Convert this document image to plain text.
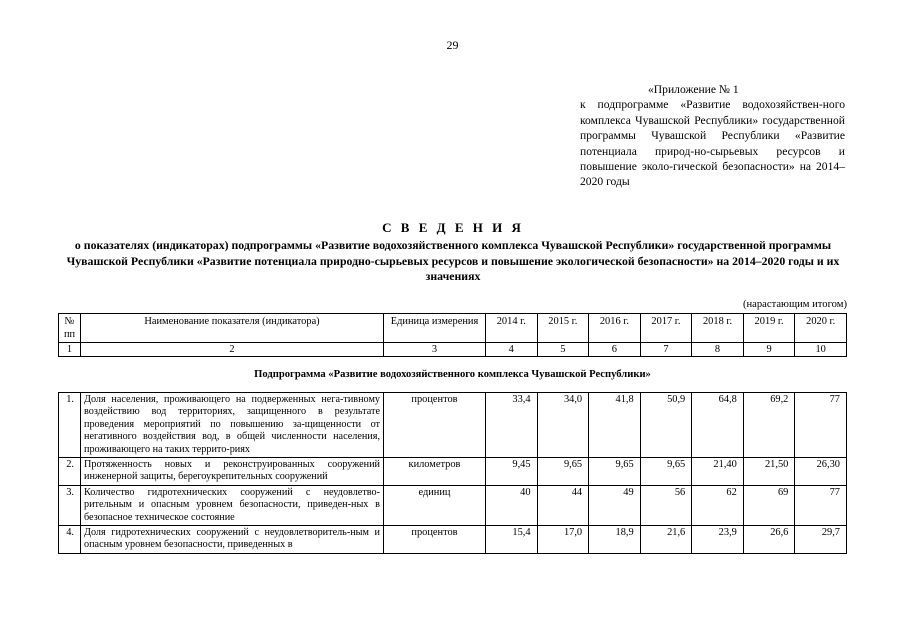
29
«Приложение № 1
к подпрограмме «Развитие водохозяйствен-ного комплекса Чувашской Республики» государственной программы Чувашской Республики «Развитие потенциала природ-но-сырьевых ресурсов и повышение эколо-гической безопасности» на 2014–2020 годы
С В Е Д Е Н И Я
о показателях (индикаторах) подпрограммы «Развитие водохозяйственного комплекса Чувашской Республики» государственной программы Чувашской Республики «Развитие потенциала природно-сырьевых ресурсов и повышение экологической безопасности» на 2014–2020 годы и их значениях
(нарастающим итогом)
№ пп	Наименование показателя (индикатора)	Единица измерения	2014 г.	2015 г.	2016 г.	2017 г.	2018 г.	2019 г.	2020 г.
1	2	3	4	5	6	7	8	9	10
Подпрограмма «Развитие водохозяйственного комплекса Чувашской Республики»									
1.	Доля населения, проживающего на подверженных нега-тивному воздействию вод территориях, защищенного в результате проведения мероприятий по повышению за-щищенности от негативного воздействия вод, в общей численности населения, проживающего на таких террито-риях	процентов	33,4	34,0	41,8	50,9	64,8	69,2	77
2.	Протяженность новых и реконструированных сооружений инженерной защиты, берегоукрепительных сооружений	километров	9,45	9,65	9,65	9,65	21,40	21,50	26,30
3.	Количество гидротехнических сооружений с неудовлетво-рительным и опасным уровнем безопасности, приведен-ных в безопасное техническое состояние	единиц	40	44	49	56	62	69	77
4.	Доля гидротехнических сооружений с неудовлетворитель-ным и опасным уровнем безопасности, приведенных в	процентов	15,4	17,0	18,9	21,6	23,9	26,6	29,7
